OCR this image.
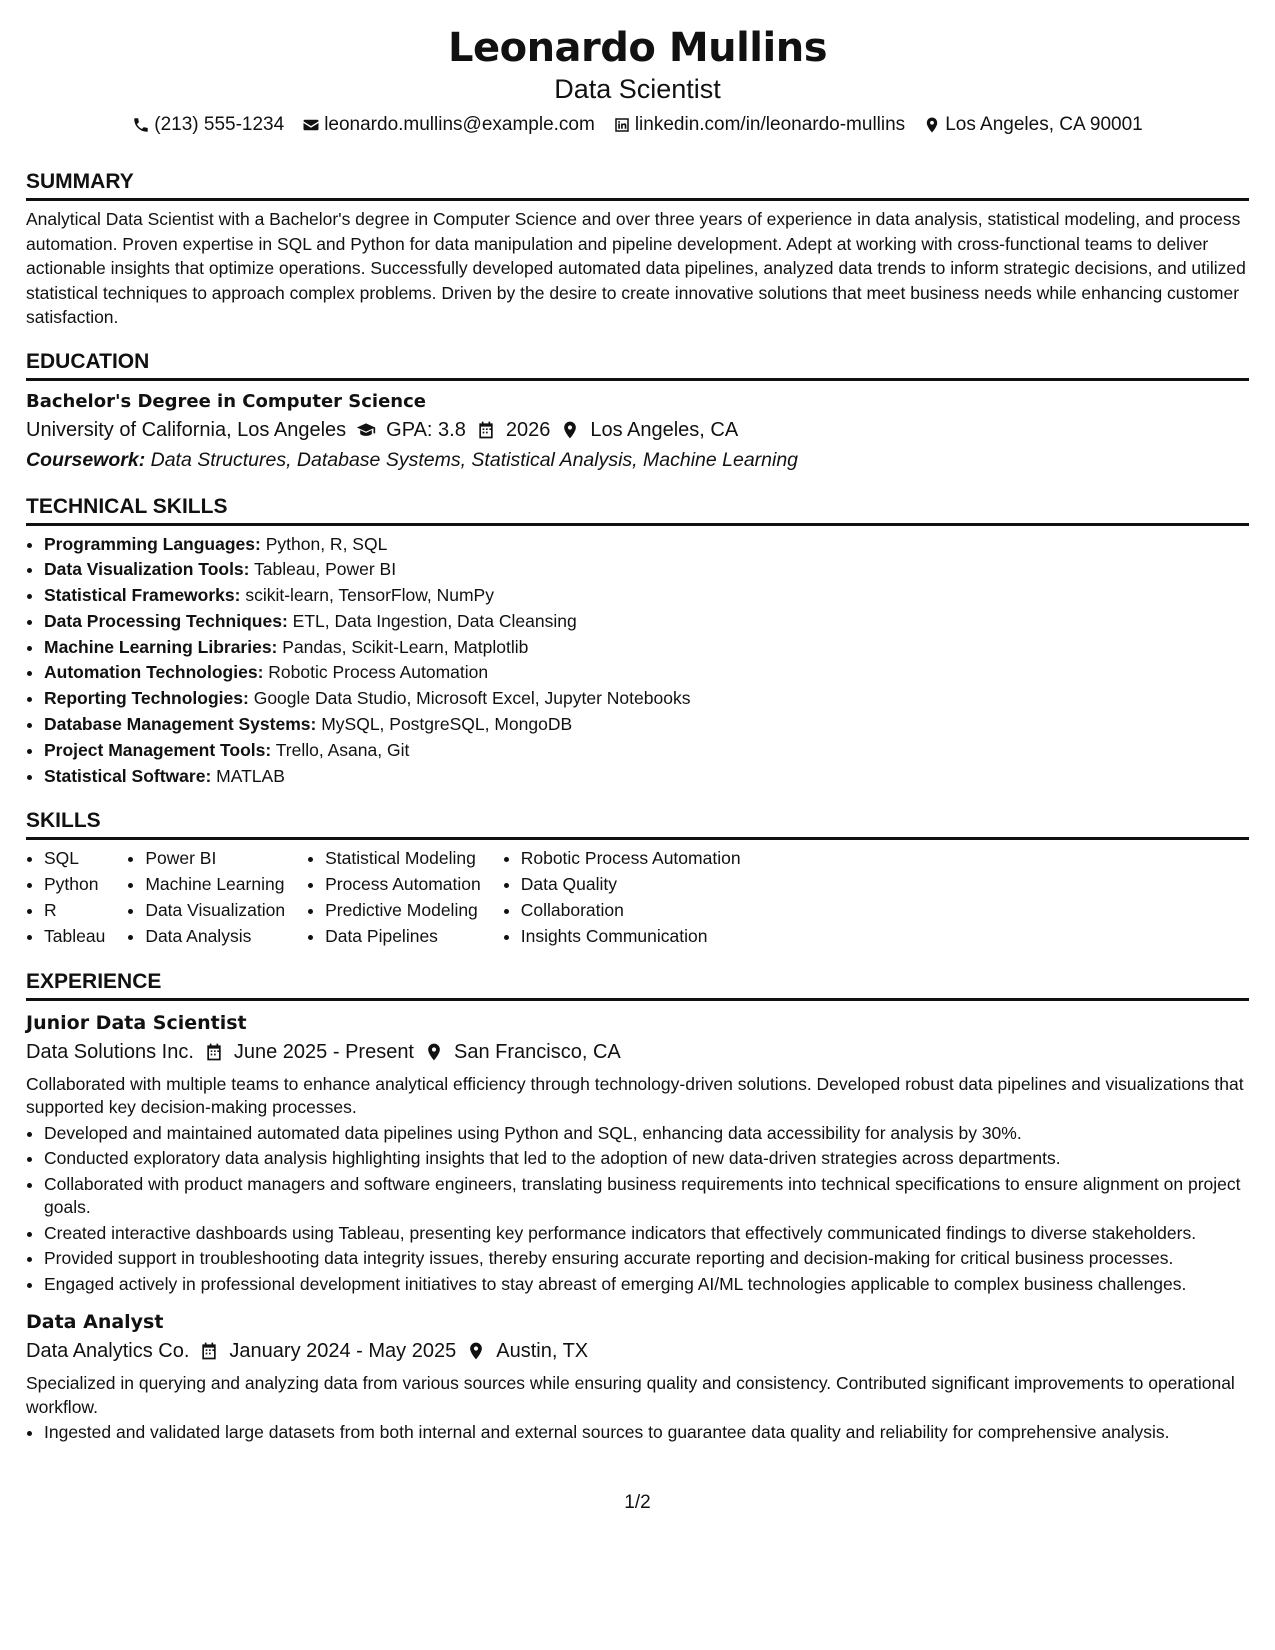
Leonardo Mullins
Data Scientist
(213) 555-1234 leonardo.mullins@example.com linkedin.com/in/leonardo-mullins Los Angeles, CA 90001
SUMMARY
Analytical Data Scientist with a Bachelor's degree in Computer Science and over three years of experience in data analysis, statistical modeling, and process automation. Proven expertise in SQL and Python for data manipulation and pipeline development. Adept at working with cross-functional teams to deliver actionable insights that optimize operations. Successfully developed automated data pipelines, analyzed data trends to inform strategic decisions, and utilized statistical techniques to approach complex problems. Driven by the desire to create innovative solutions that meet business needs while enhancing customer satisfaction.
EDUCATION
Bachelor's Degree in Computer Science
University of California, Los Angeles GPA: 3.8 2026 Los Angeles, CA
Coursework: Data Structures, Database Systems, Statistical Analysis, Machine Learning
TECHNICAL SKILLS
• Programming Languages: Python, R, SQL
• Data Visualization Tools: Tableau, Power BI
• Statistical Frameworks: scikit-learn, TensorFlow, NumPy
• Data Processing Techniques: ETL, Data Ingestion, Data Cleansing
• Machine Learning Libraries: Pandas, Scikit-Learn, Matplotlib
• Automation Technologies: Robotic Process Automation
• Reporting Technologies: Google Data Studio, Microsoft Excel, Jupyter Notebooks
• Database Management Systems: MySQL, PostgreSQL, MongoDB
• Project Management Tools: Trello, Asana, Git
• Statistical Software: MATLAB
SKILLS
• SQL
• Python
• R
• Tableau
• Power BI
• Machine Learning
• Data Visualization
• Data Analysis
• Statistical Modeling
• Process Automation
• Predictive Modeling
• Data Pipelines
• Robotic Process Automation
• Data Quality
• Collaboration
• Insights Communication
EXPERIENCE
Junior Data Scientist
Data Solutions Inc. June 2025 - Present San Francisco, CA
Collaborated with multiple teams to enhance analytical efficiency through technology-driven solutions. Developed robust data pipelines and visualizations that supported key decision-making processes.
• Developed and maintained automated data pipelines using Python and SQL, enhancing data accessibility for analysis by 30%.
• Conducted exploratory data analysis highlighting insights that led to the adoption of new data-driven strategies across departments.
• Collaborated with product managers and software engineers, translating business requirements into technical specifications to ensure alignment on project goals.
• Created interactive dashboards using Tableau, presenting key performance indicators that effectively communicated findings to diverse stakeholders.
• Provided support in troubleshooting data integrity issues, thereby ensuring accurate reporting and decision-making for critical business processes.
• Engaged actively in professional development initiatives to stay abreast of emerging AI/ML technologies applicable to complex business challenges.
Data Analyst
Data Analytics Co. January 2024 - May 2025 Austin, TX
Specialized in querying and analyzing data from various sources while ensuring quality and consistency. Contributed significant improvements to operational workflow.
• Ingested and validated large datasets from both internal and external sources to guarantee data quality and reliability for comprehensive analysis.
1/2
